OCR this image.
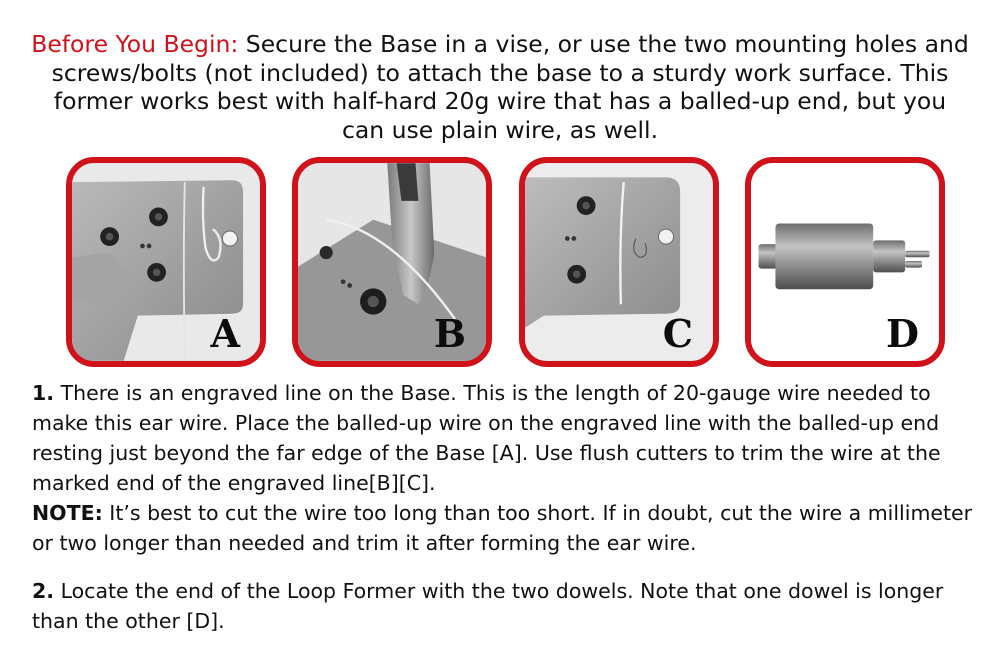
Before You Begin: Secure the Base in a vise, or use the two mounting holes and screws/bolts (not included) to attach the base to a sturdy work surface. This former works best with half-hard 20g wire that has a balled-up end, but you can use plain wire, as well.
A	B	C	D

1. There is an engraved line on the Base. This is the length of 20-gauge wire needed to make this ear wire. Place the balled-up wire on the engraved line with the balled-up end resting just beyond the far edge of the Base [A]. Use flush cutters to trim the wire at the marked end of the engraved line[B][C].

NOTE: It’s best to cut the wire too long than too short. If in doubt, cut the wire a millimeter or two longer than needed and trim it after forming the ear wire.

2. Locate the end of the Loop Former with the two dowels. Note that one dowel is longer than the other [D].
